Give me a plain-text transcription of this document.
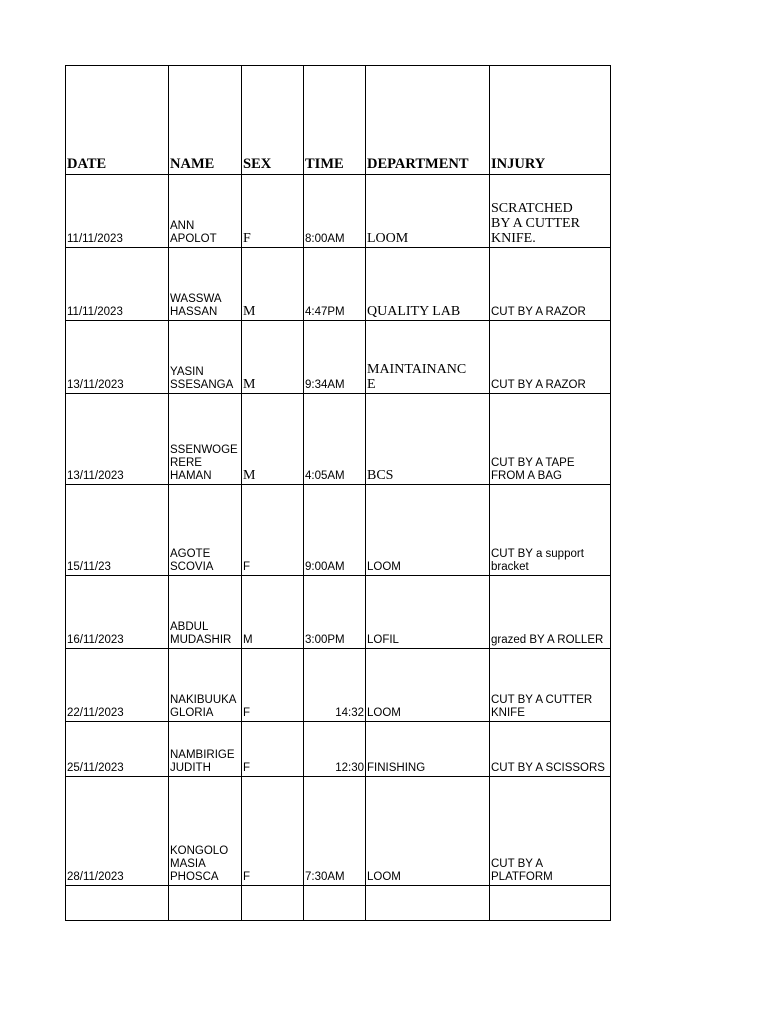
DATE	NAME	SEX	TIME	DEPARTMENT	INJURY
11/11/2023	ANN
APOLOT	F	8:00AM	LOOM	SCRATCHED
BY A CUTTER
KNIFE.
11/11/2023	WASSWA
HASSAN	M	4:47PM	QUALITY LAB	CUT BY A RAZOR
13/11/2023	YASIN
SSESANGA	M	9:34AM	MAINTAINANC
E	CUT BY A RAZOR
13/11/2023	SSENWOGE
RERE
HAMAN	M	4:05AM	BCS	CUT BY A TAPE
FROM A BAG
15/11/23	AGOTE
SCOVIA	F	9:00AM	LOOM	CUT BY a support
bracket
16/11/2023	ABDUL
MUDASHIR	M	3:00PM	LOFIL	grazed BY A ROLLER
22/11/2023	NAKIBUUKA
GLORIA	F	14:32	LOOM	CUT BY A CUTTER
KNIFE
25/11/2023	NAMBIRIGE
JUDITH	F	12:30	FINISHING	CUT BY A SCISSORS
28/11/2023	KONGOLO
MASIA
PHOSCA	F	7:30AM	LOOM	CUT BY A
PLATFORM
